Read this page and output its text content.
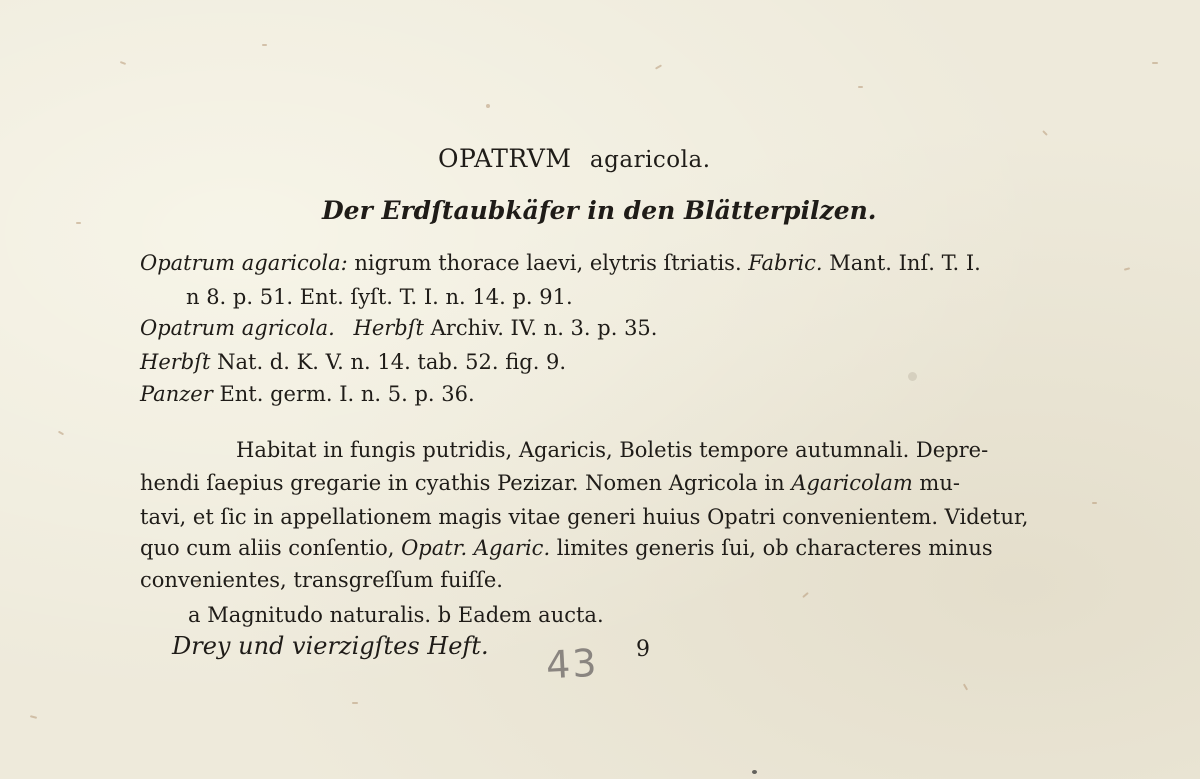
OPATRVM agaricola.
Der Erdſtaubkäfer in den Blätterpilzen.
Opatrum agaricola: nigrum thorace laevi, elytris ſtriatis. Fabric. Mant. Inſ. T. I.
n 8. p. 51. Ent. ſyſt. T. I. n. 14. p. 91.
Opatrum agricola. Herbſt Archiv. IV. n. 3. p. 35.
Herbſt Nat. d. K. V. n. 14. tab. 52. fig. 9.
Panzer Ent. germ. I. n. 5. p. 36.
Habitat in fungis putridis, Agaricis, Boletis tempore autumnali. Depre-
hendi ſaepius gregarie in cyathis Pezizar. Nomen Agricola in Agaricolam mu-
tavi, et ſic in appellationem magis vitae generi huius Opatri convenientem. Videtur,
quo cum aliis conſentio, Opatr. Agaric. limites generis ſui, ob characteres minus
convenientes, transgreſſum fuiſſe.
a Magnitudo naturalis. b Eadem aucta.
Drey und vierzigſtes Heft. 43 9
